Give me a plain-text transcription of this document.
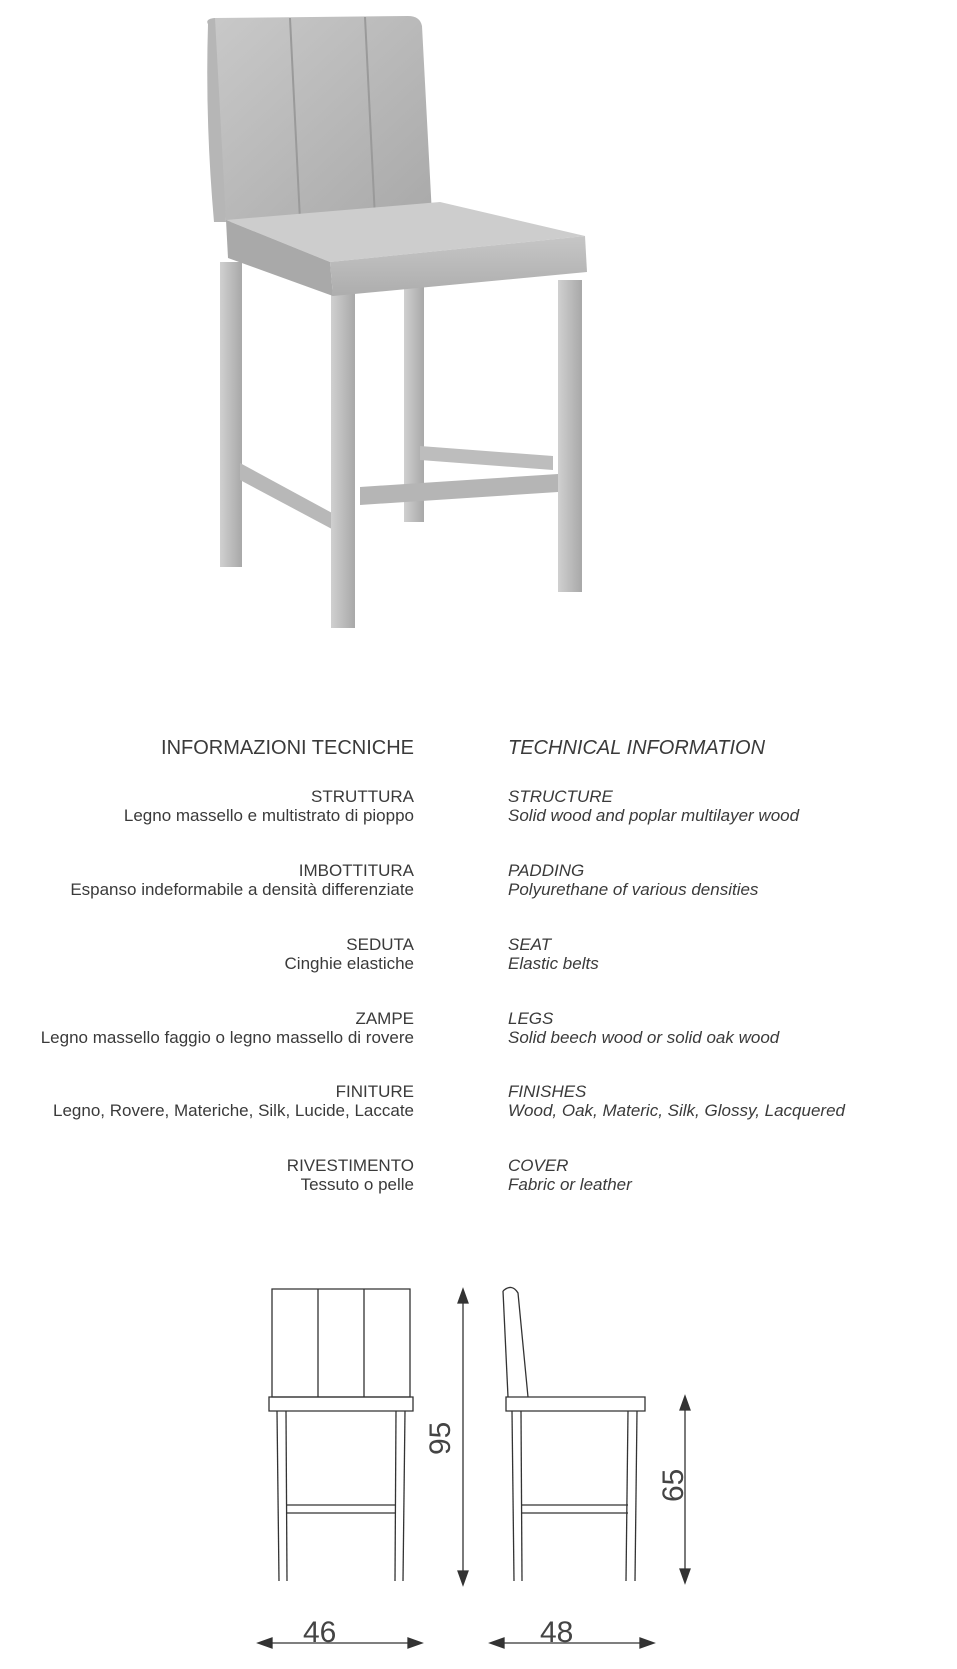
INFORMAZIONI TECNICHE	TECHNICAL INFORMATION
STRUTTURA
Legno massello e multistrato di pioppo
STRUCTURE
Solid wood and poplar multilayer wood
IMBOTTITURA
Espanso indeformabile a densità differenziate
PADDING
Polyurethane of various densities
SEDUTA
Cinghie elastiche
SEAT
Elastic belts
ZAMPE
Legno massello faggio o legno massello di rovere
LEGS
Solid beech wood or solid oak wood
FINITURE
Legno, Rovere, Materiche, Silk, Lucide, Laccate
FINISHES
Wood, Oak, Materic, Silk, Glossy, Lacquered
RIVESTIMENTO
Tessuto o pelle
COVER
Fabric or leather
46	48
95
65
